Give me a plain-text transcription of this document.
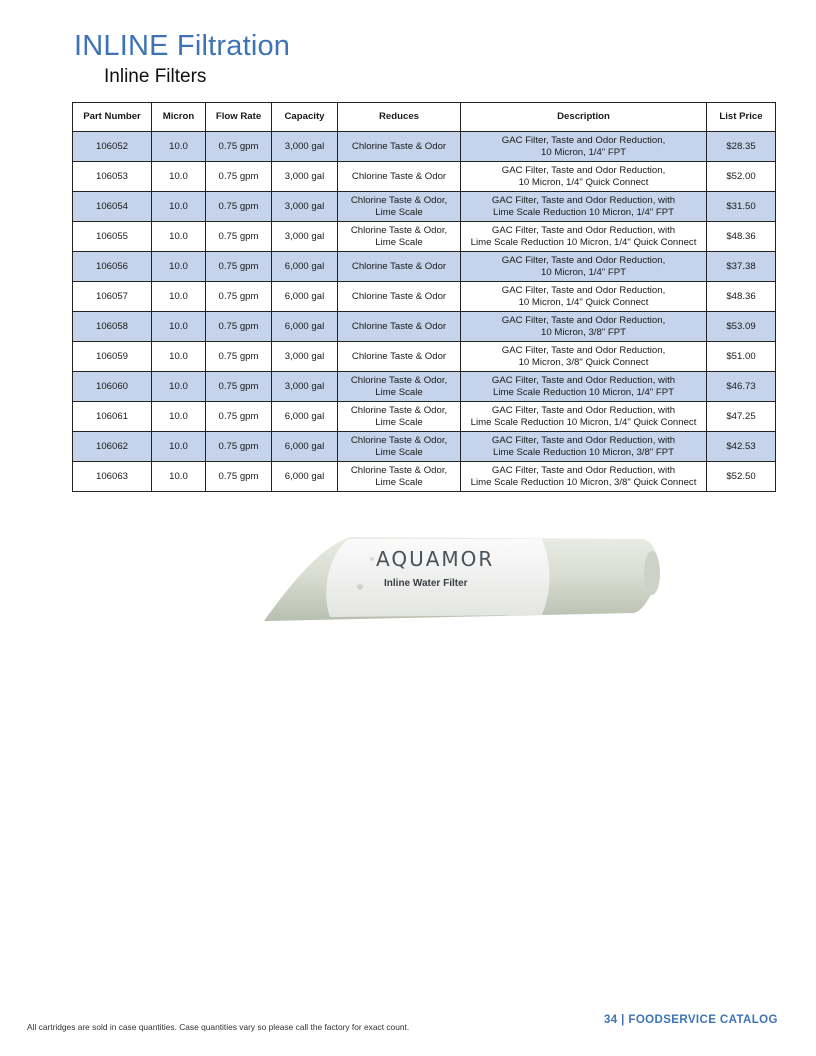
INLINE Filtration
Inline Filters
Part Number	Micron	Flow Rate	Capacity	Reduces	Description	List Price
106052	10.0	0.75 gpm	3,000 gal	Chlorine Taste & Odor	GAC Filter, Taste and Odor Reduction,
10 Micron, 1/4" FPT	$28.35
106053	10.0	0.75 gpm	3,000 gal	Chlorine Taste & Odor	GAC Filter, Taste and Odor Reduction,
10 Micron, 1/4" Quick Connect	$52.00
106054	10.0	0.75 gpm	3,000 gal	Chlorine Taste & Odor,
Lime Scale	GAC Filter, Taste and Odor Reduction, with
Lime Scale Reduction 10 Micron, 1/4" FPT	$31.50
106055	10.0	0.75 gpm	3,000 gal	Chlorine Taste & Odor,
Lime Scale	GAC Filter, Taste and Odor Reduction, with
Lime Scale Reduction 10 Micron, 1/4" Quick Connect	$48.36
106056	10.0	0.75 gpm	6,000 gal	Chlorine Taste & Odor	GAC Filter, Taste and Odor Reduction,
10 Micron, 1/4" FPT	$37.38
106057	10.0	0.75 gpm	6,000 gal	Chlorine Taste & Odor	GAC Filter, Taste and Odor Reduction,
10 Micron, 1/4" Quick Connect	$48.36
106058	10.0	0.75 gpm	6,000 gal	Chlorine Taste & Odor	GAC Filter, Taste and Odor Reduction,
10 Micron, 3/8" FPT	$53.09
106059	10.0	0.75 gpm	3,000 gal	Chlorine Taste & Odor	GAC Filter, Taste and Odor Reduction,
10 Micron, 3/8" Quick Connect	$51.00
106060	10.0	0.75 gpm	3,000 gal	Chlorine Taste & Odor,
Lime Scale	GAC Filter, Taste and Odor Reduction, with
Lime Scale Reduction 10 Micron, 1/4" FPT	$46.73
106061	10.0	0.75 gpm	6,000 gal	Chlorine Taste & Odor,
Lime Scale	GAC Filter, Taste and Odor Reduction, with
Lime Scale Reduction 10 Micron, 1/4" Quick Connect	$47.25
106062	10.0	0.75 gpm	6,000 gal	Chlorine Taste & Odor,
Lime Scale	GAC Filter, Taste and Odor Reduction, with
Lime Scale Reduction 10 Micron, 3/8" FPT	$42.53
106063	10.0	0.75 gpm	6,000 gal	Chlorine Taste & Odor,
Lime Scale	GAC Filter, Taste and Odor Reduction, with
Lime Scale Reduction 10 Micron, 3/8" Quick Connect	$52.50
AQUAMOR
Inline Water Filter
All cartridges are sold in case quantities. Case quantities vary so please call the factory for exact count.
34 | FOODSERVICE CATALOG
